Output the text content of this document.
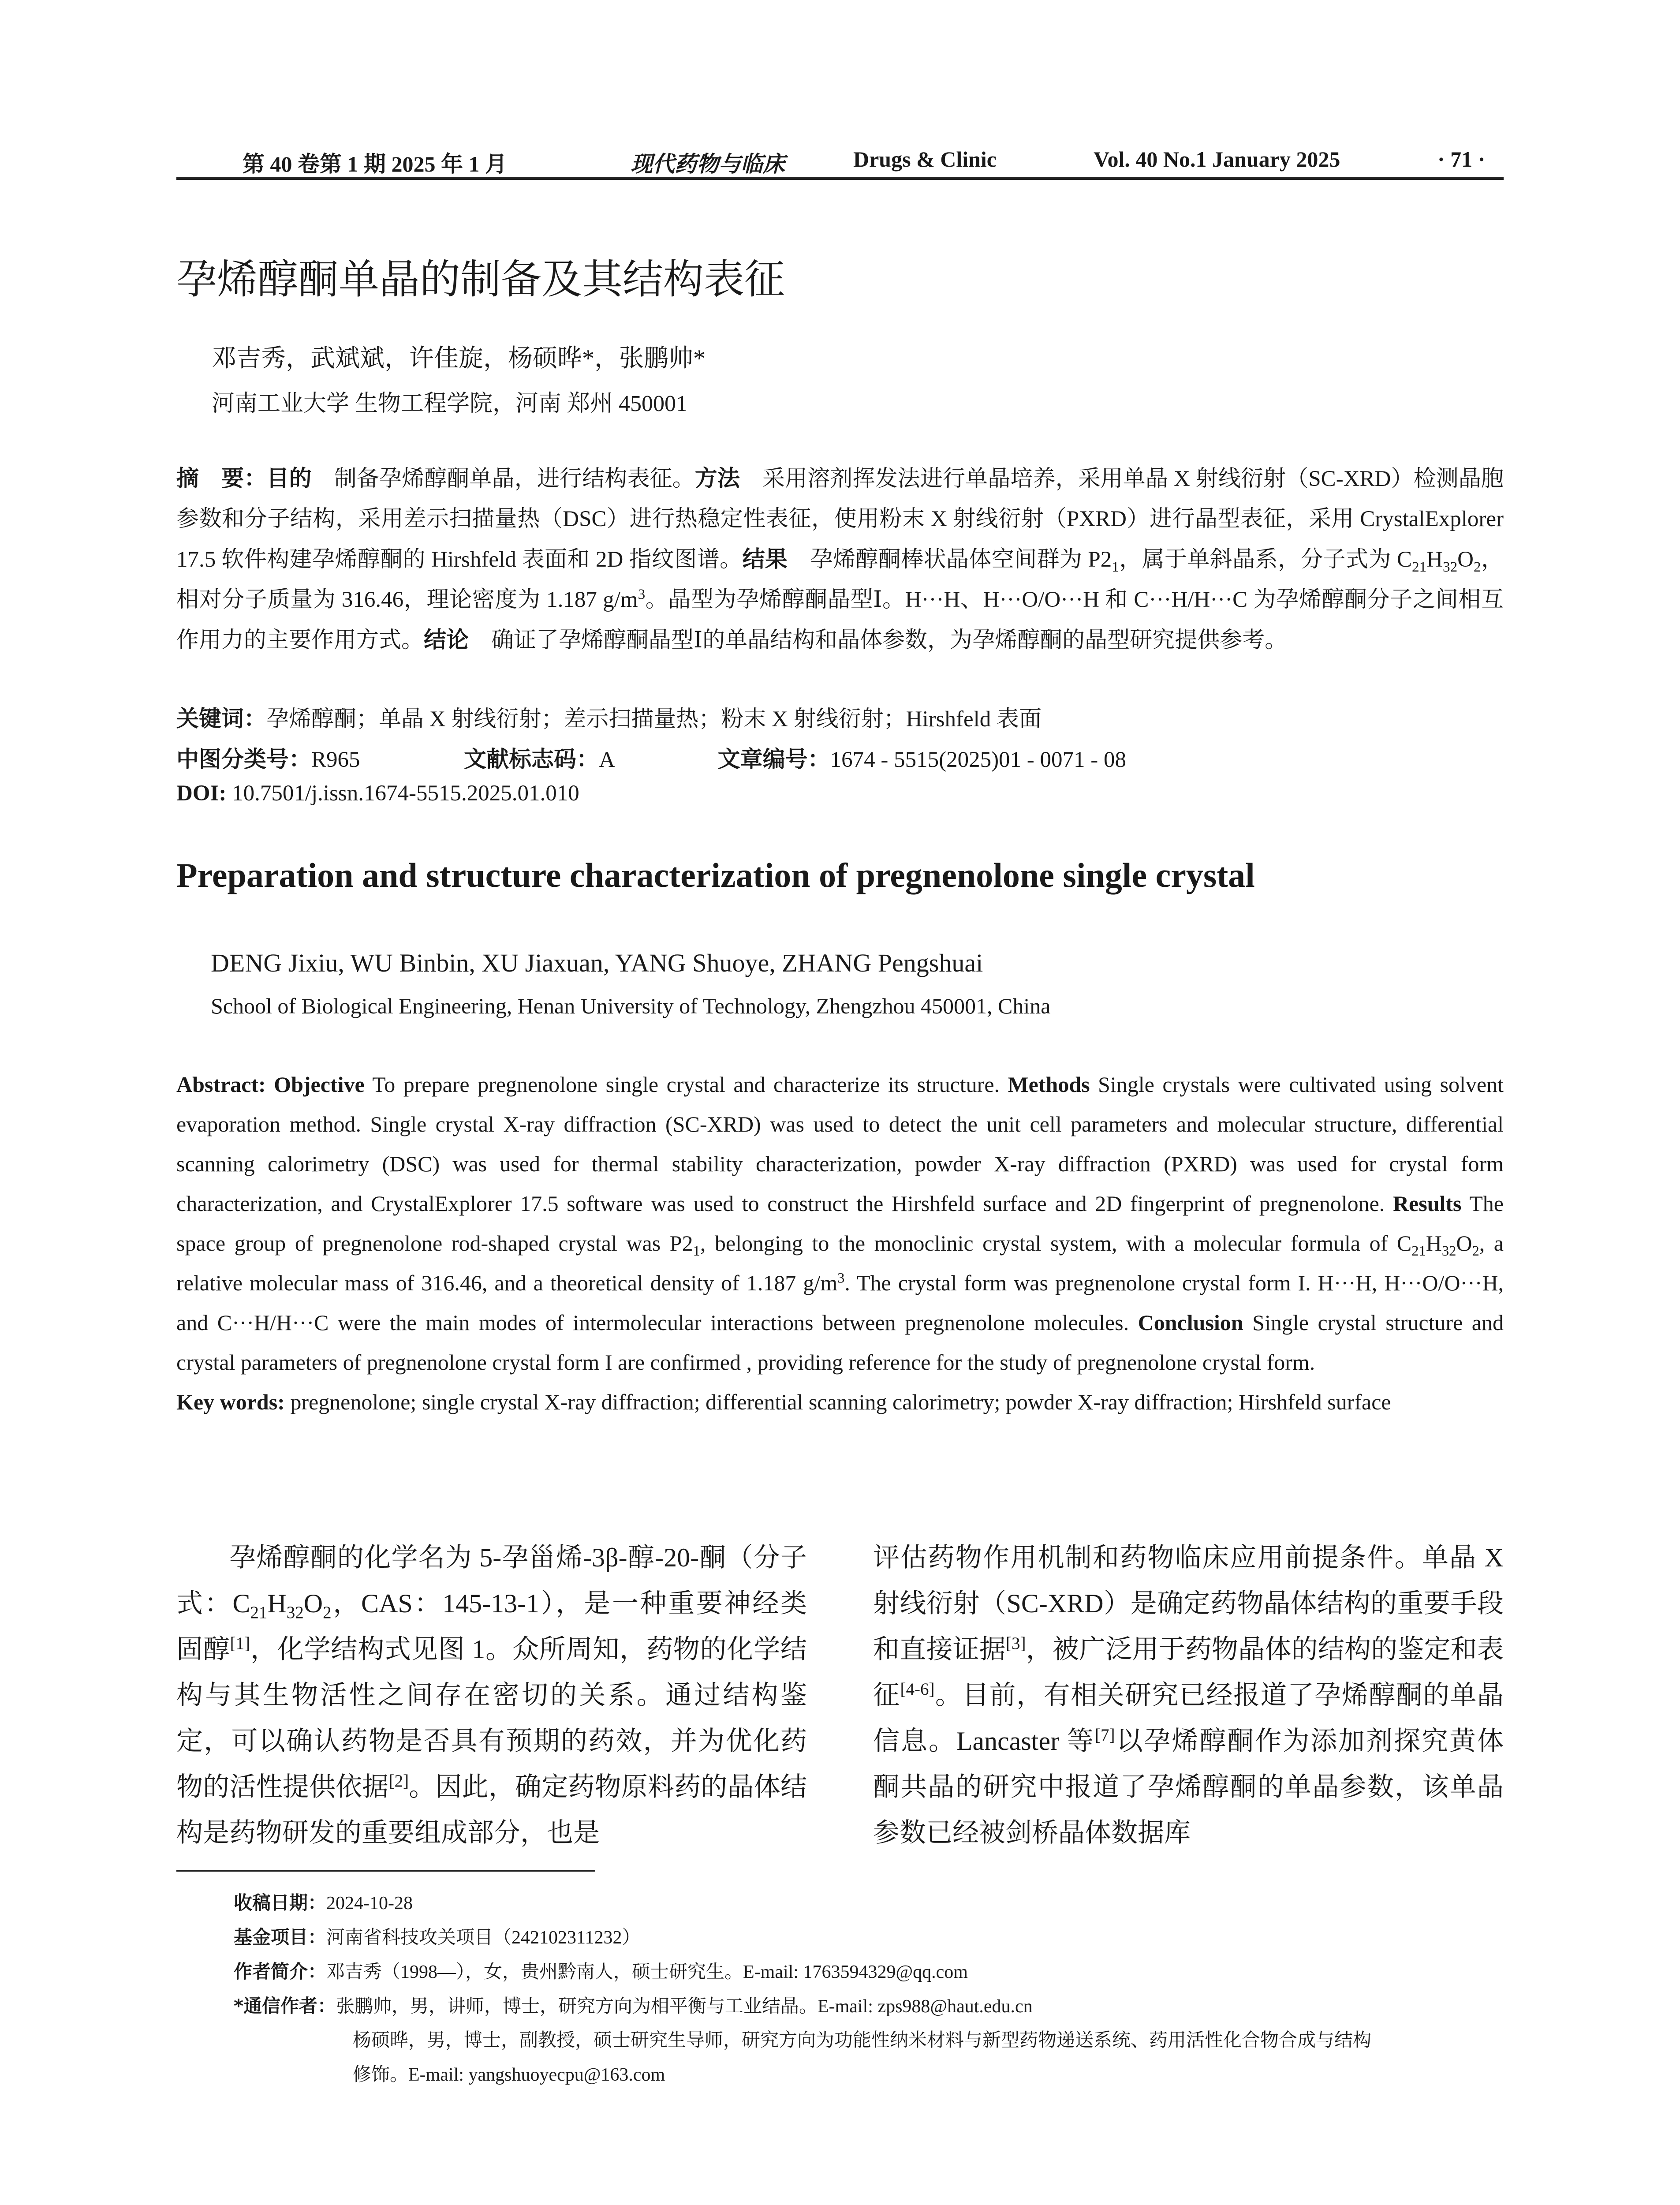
第 40 卷第 1 期 2025 年 1 月	现代药物与临床	Drugs & Clinic	Vol. 40 No.1 January 2025	· 71 ·
孕烯醇酮单晶的制备及其结构表征
邓吉秀，武斌斌，许佳旋，杨硕晔*，张鹏帅*
河南工业大学 生物工程学院，河南 郑州 450001
摘　要：目的　制备孕烯醇酮单晶，进行结构表征。方法　采用溶剂挥发法进行单晶培养，采用单晶 X 射线衍射（SC-XRD）检测晶胞参数和分子结构，采用差示扫描量热（DSC）进行热稳定性表征，使用粉末 X 射线衍射（PXRD）进行晶型表征，采用 CrystalExplorer 17.5 软件构建孕烯醇酮的 Hirshfeld 表面和 2D 指纹图谱。结果　孕烯醇酮棒状晶体空间群为 $P2_1$，属于单斜晶系，分子式为 $C_{21}H_{32}O_2$，相对分子质量为 316.46，理论密度为 1.187 $g/m^3$。晶型为孕烯醇酮晶型Ⅰ。H···H、H···O/O···H 和 C···H/H···C 为孕烯醇酮分子之间相互作用力的主要作用方式。结论　确证了孕烯醇酮晶型Ⅰ的单晶结构和晶体参数，为孕烯醇酮的晶型研究提供参考。
关键词：孕烯醇酮；单晶 X 射线衍射；差示扫描量热；粉末 X 射线衍射；Hirshfeld 表面
中图分类号：R965	文献标志码：A	文章编号：1674 - 5515(2025)01 - 0071 - 08
DOI: 10.7501/j.issn.1674-5515.2025.01.010
Preparation and structure characterization of pregnenolone single crystal
DENG Jixiu, WU Binbin, XU Jiaxuan, YANG Shuoye, ZHANG Pengshuai
School of Biological Engineering, Henan University of Technology, Zhengzhou 450001, China
Abstract: Objective To prepare pregnenolone single crystal and characterize its structure. Methods Single crystals were cultivated using solvent evaporation method. Single crystal X-ray diffraction (SC-XRD) was used to detect the unit cell parameters and molecular structure, differential scanning calorimetry (DSC) was used for thermal stability characterization, powder X-ray diffraction (PXRD) was used for crystal form characterization, and CrystalExplorer 17.5 software was used to construct the Hirshfeld surface and 2D fingerprint of pregnenolone. Results The space group of pregnenolone rod-shaped crystal was $P2_1$, belonging to the monoclinic crystal system, with a molecular formula of $C_{21}H_{32}O_2$, a relative molecular mass of 316.46, and a theoretical density of 1.187 $g/m^3$. The crystal form was pregnenolone crystal form I. H···H, H···O/O···H, and C···H/H···C were the main modes of intermolecular interactions between pregnenolone molecules. Conclusion Single crystal structure and crystal parameters of pregnenolone crystal form I are confirmed , providing reference for the study of pregnenolone crystal form.
Key words: pregnenolone; single crystal X-ray diffraction; differential scanning calorimetry; powder X-ray diffraction; Hirshfeld surface
孕烯醇酮的化学名为 5-孕甾烯-3β-醇-20-酮（分子式：$C_{21}H_{32}O_2$，CAS：145-13-1），是一种重要神经类固醇[1]，化学结构式见图 1。众所周知，药物的化学结构与其生物活性之间存在密切的关系。通过结构鉴定，可以确认药物是否具有预期的药效，并为优化药物的活性提供依据[2]。因此，确定药物原料药的晶体结构是药物研发的重要组成部分，也是
评估药物作用机制和药物临床应用前提条件。单晶 X 射线衍射（SC-XRD）是确定药物晶体结构的重要手段和直接证据[3]，被广泛用于药物晶体的结构的鉴定和表征[4-6]。目前，有相关研究已经报道了孕烯醇酮的单晶信息。Lancaster 等[7]以孕烯醇酮作为添加剂探究黄体酮共晶的研究中报道了孕烯醇酮的单晶参数，该单晶参数已经被剑桥晶体数据库
收稿日期：2024-10-28
基金项目：河南省科技攻关项目（242102311232）
作者简介：邓吉秀（1998—），女，贵州黔南人，硕士研究生。E-mail: 1763594329@qq.com
*通信作者：张鹏帅，男，讲师，博士，研究方向为相平衡与工业结晶。E-mail: zps988@haut.edu.cn
杨硕晔，男，博士，副教授，硕士研究生导师，研究方向为功能性纳米材料与新型药物递送系统、药用活性化合物合成与结构
修饰。E-mail: yangshuoyecpu@163.com
